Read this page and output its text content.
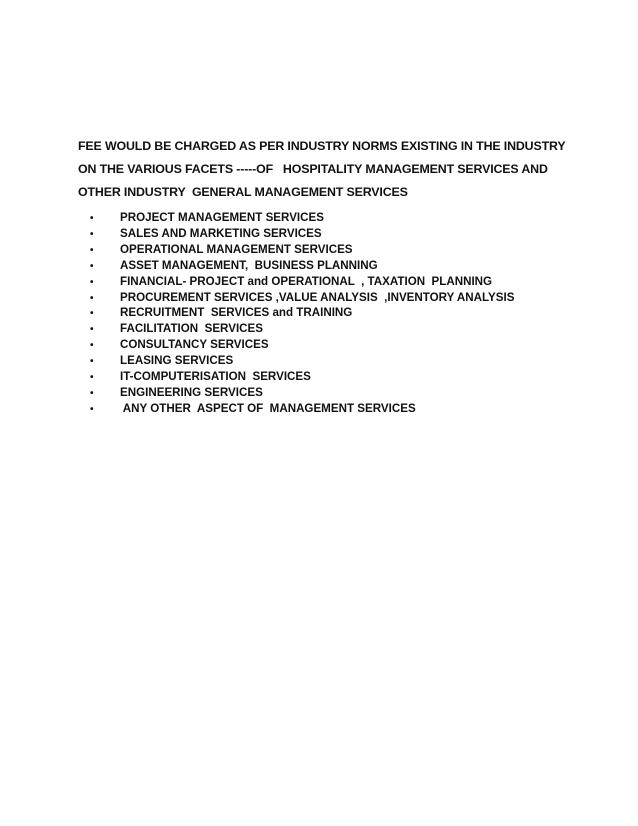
FEE WOULD BE CHARGED AS PER INDUSTRY NORMS EXISTING IN THE INDUSTRY
ON THE VARIOUS FACETS -----OF   HOSPITALITY MANAGEMENT SERVICES AND
OTHER INDUSTRY  GENERAL MANAGEMENT SERVICES

•	PROJECT MANAGEMENT SERVICES
•	SALES AND MARKETING SERVICES
•	OPERATIONAL MANAGEMENT SERVICES
•	ASSET MANAGEMENT,  BUSINESS PLANNING
•	FINANCIAL- PROJECT and OPERATIONAL  , TAXATION  PLANNING
•	PROCUREMENT SERVICES ,VALUE ANALYSIS  ,INVENTORY ANALYSIS
•	RECRUITMENT  SERVICES and TRAINING
•	FACILITATION  SERVICES
•	CONSULTANCY SERVICES
•	LEASING SERVICES
•	IT-COMPUTERISATION  SERVICES
•	ENGINEERING SERVICES
•	ANY OTHER  ASPECT OF  MANAGEMENT SERVICES
